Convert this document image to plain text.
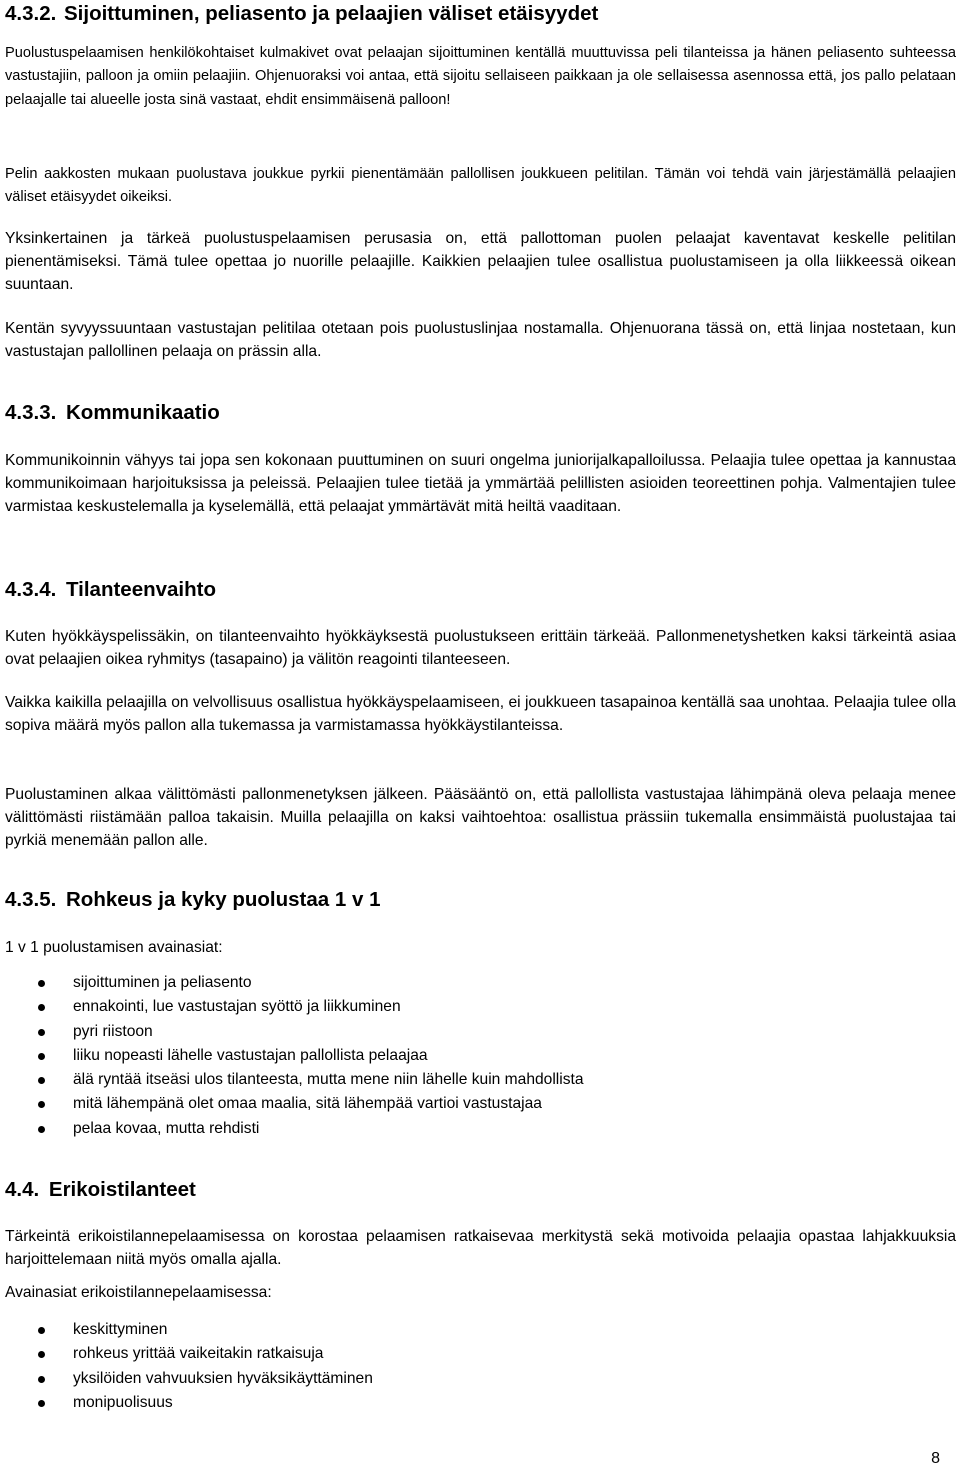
4.3.2. Sijoittuminen, peliasento ja pelaajien väliset etäisyydet

Puolustuspelaamisen henkilökohtaiset kulmakivet ovat pelaajan sijoittuminen kentällä muuttuvissa peli tilanteissa ja hänen peliasento suhteessa vastustajiin, palloon ja omiin pelaajiin. Ohjenuoraksi voi antaa, että sijoitu sellaiseen paikkaan ja ole sellaisessa asennossa että, jos pallo pelataan pelaajalle tai alueelle josta sinä vastaat, ehdit ensimmäisenä palloon!

Pelin aakkosten mukaan puolustava joukkue pyrkii pienentämään pallollisen joukkueen pelitilan. Tämän voi tehdä vain järjestämällä pelaajien väliset etäisyydet oikeiksi.

Yksinkertainen ja tärkeä puolustuspelaamisen perusasia on, että pallottoman puolen pelaajat kaventavat keskelle pelitilan pienentämiseksi. Tämä tulee opettaa jo nuorille pelaajille. Kaikkien pelaajien tulee osallistua puolustamiseen ja olla liikkeessä oikean suuntaan.

Kentän syvyyssuuntaan vastustajan pelitilaa otetaan pois puolustuslinjaa nostamalla. Ohjenuorana tässä on, että linjaa nostetaan, kun vastustajan pallollinen pelaaja on prässin alla.

4.3.3. Kommunikaatio

Kommunikoinnin vähyys tai jopa sen kokonaan puuttuminen on suuri ongelma juniorijalkapalloilussa. Pelaajia tulee opettaa ja kannustaa kommunikoimaan harjoituksissa ja peleissä. Pelaajien tulee tietää ja ymmärtää pelillisten asioiden teoreettinen pohja. Valmentajien tulee varmistaa keskustelemalla ja kyselemällä, että pelaajat ymmärtävät mitä heiltä vaaditaan.

4.3.4. Tilanteenvaihto

Kuten hyökkäyspelissäkin, on tilanteenvaihto hyökkäyksestä puolustukseen erittäin tärkeää. Pallonmenetyshetken kaksi tärkeintä asiaa ovat pelaajien oikea ryhmitys (tasapaino) ja välitön reagointi tilanteeseen.

Vaikka kaikilla pelaajilla on velvollisuus osallistua hyökkäyspelaamiseen, ei joukkueen tasapainoa kentällä saa unohtaa. Pelaajia tulee olla sopiva määrä myös pallon alla tukemassa ja varmistamassa hyökkäystilanteissa.

Puolustaminen alkaa välittömästi pallonmenetyksen jälkeen. Pääsääntö on, että pallollista vastustajaa lähimpänä oleva pelaaja menee välittömästi riistämään palloa takaisin. Muilla pelaajilla on kaksi vaihtoehtoa: osallistua prässiin tukemalla ensimmäistä puolustajaa tai pyrkiä menemään pallon alle.

4.3.5. Rohkeus ja kyky puolustaa 1 v 1

1 v 1 puolustamisen avainasiat:

sijoittuminen ja peliasento
ennakointi, lue vastustajan syöttö ja liikkuminen
pyri riistoon
liiku nopeasti lähelle vastustajan pallollista pelaajaa
älä ryntää itseäsi ulos tilanteesta, mutta mene niin lähelle kuin mahdollista
mitä lähempänä olet omaa maalia, sitä lähempää vartioi vastustajaa
pelaa kovaa, mutta rehdisti
4.4. Erikoistilanteet

Tärkeintä erikoistilannepelaamisessa on korostaa pelaamisen ratkaisevaa merkitystä sekä motivoida pelaajia opastaa lahjakkuuksia harjoittelemaan niitä myös omalla ajalla.

Avainasiat erikoistilannepelaamisessa:

keskittyminen
rohkeus yrittää vaikeitakin ratkaisuja
yksilöiden vahvuuksien hyväksikäyttäminen
monipuolisuus
8
